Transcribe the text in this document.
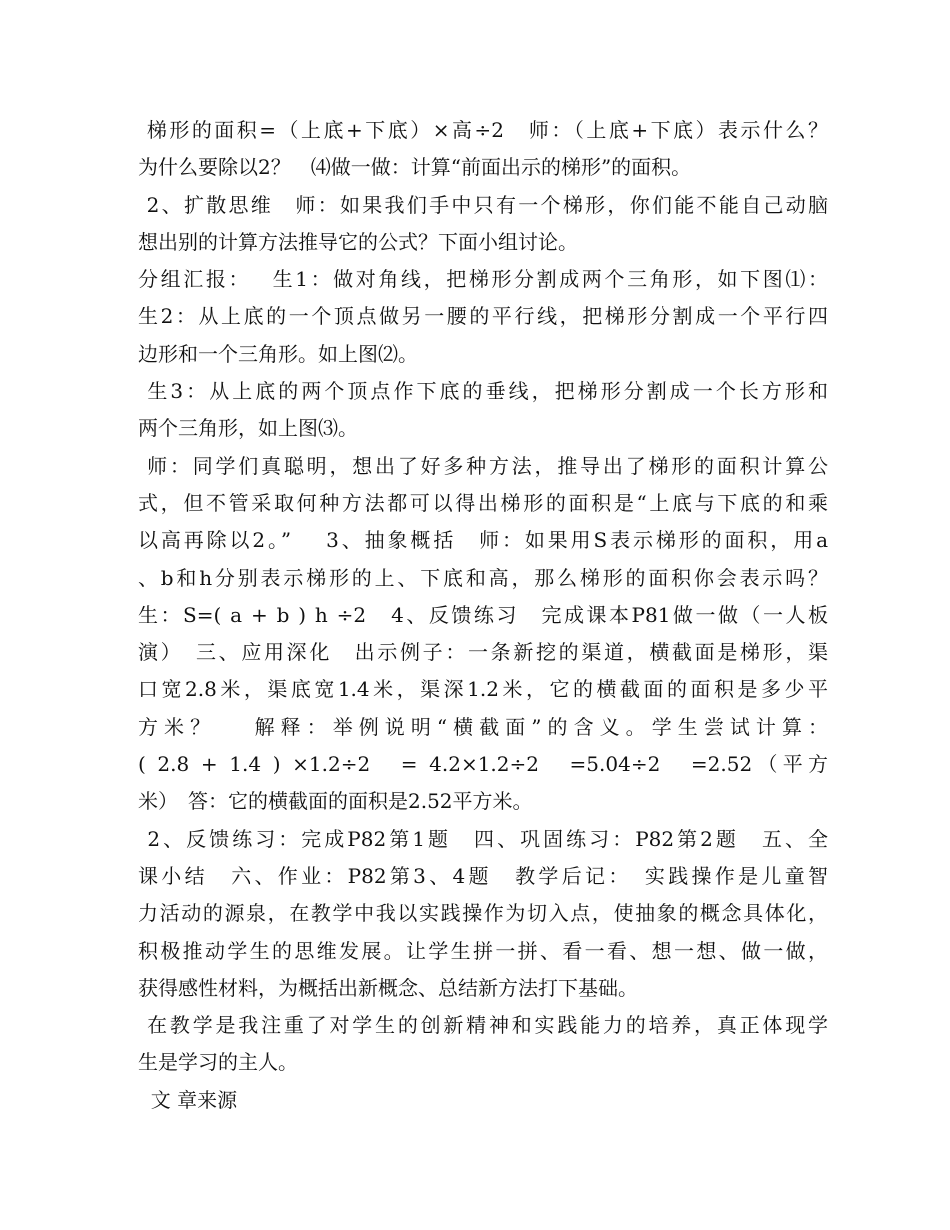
梯形的面积=（上底+下底）×高÷2　师：（上底+下底）表示什么？
为什么要除以2？　⑷做一做：计算“前面出示的梯形”的面积。
2、扩散思维　师：如果我们手中只有一个梯形，你们能不能自己动脑
想出别的计算方法推导它的公式？下面小组讨论。
分组汇报：　 生1：做对角线，把梯形分割成两个三角形，如下图⑴：
生2：从上底的一个顶点做另一腰的平行线，把梯形分割成一个平行四
边形和一个三角形。如上图⑵。
生3：从上底的两个顶点作下底的垂线，把梯形分割成一个长方形和
两个三角形，如上图⑶。
师：同学们真聪明，想出了好多种方法，推导出了梯形的面积计算公
式，但不管采取何种方法都可以得出梯形的面积是“上底与下底的和乘
以高再除以2。”　 3、抽象概括　师：如果用S表示梯形的面积，用a
、b和h分别表示梯形的上、下底和高，那么梯形的面积你会表示吗？
生：S=( a + b ) h ÷2　4、反馈练习　完成课本P81做一做（一人板
演）　三、应用深化　出示例子：一条新挖的渠道，横截面是梯形，渠
口宽2.8米，渠底宽1.4米，渠深1.2米，它的横截面的面积是多少平
方米？　 解释：举例说明“横截面”的含义。学生尝试计算：
( 2.8 + 1.4 ) ×1.2÷2　= 4.2×1.2÷2　=5.04÷2　=2.52（平方
米）　答：它的横截面的面积是2.52平方米。
2、反馈练习：完成P82第1题　四、巩固练习：P82第2题　五、全
课小结　六、作业：P82第3、4题　教学后记：　实践操作是儿童智
力活动的源泉，在教学中我以实践操作为切入点，使抽象的概念具体化，
积极推动学生的思维发展。让学生拼一拼、看一看、想一想、做一做，
获得感性材料，为概括出新概念、总结新方法打下基础。
在教学是我注重了对学生的创新精神和实践能力的培养，真正体现学
生是学习的主人。
文 章来源
